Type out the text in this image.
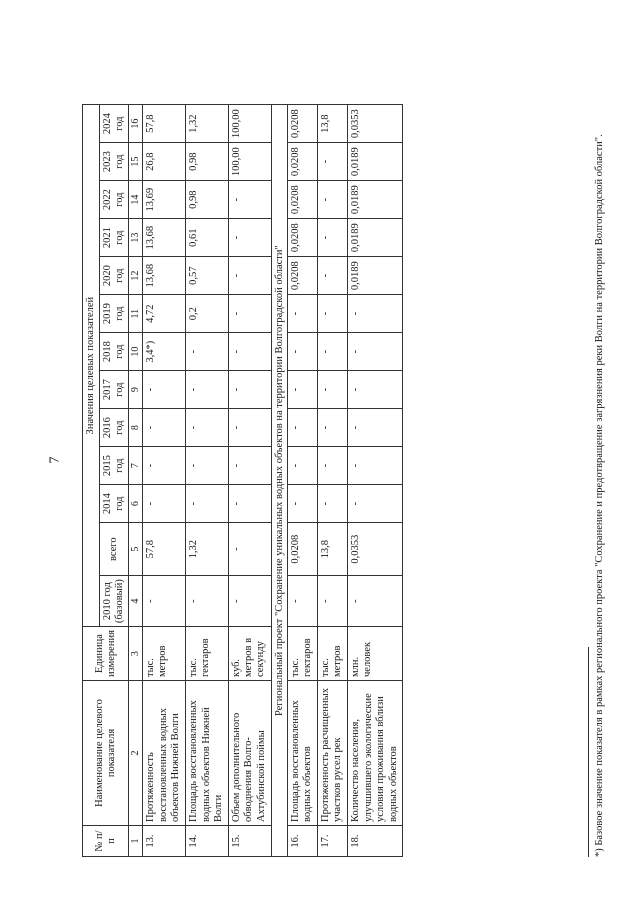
7
№ п/п	Наименование целевого показателя	Единица измерения	Значения целевых показателей												
			2010 год (базовый)	всего	2014 год	2015 год	2016 год	2017 год	2018 год	2019 год	2020 год	2021 год	2022 год	2023 год	2024 год
1	2	3	4	5	6	7	8	9	10	11	12	13	14	15	16
13.	Протяженность восстановленных водных объектов Нижней Волги	тыс. метров	-	57,8	-	-	-	-	3,4*)	4,72	13,68	13,68	13,69	26,8	57,8
14.	Площадь восстановленных водных объектов Нижней Волги	тыс. гектаров	-	1,32	-	-	-	-	-	0,2	0,57	0,61	0,98	0,98	1,32
15.	Объем дополнительного обводнения Волго-Ахтубинской поймы	куб. метров в секунду	-	-	-	-	-	-	-	-	-	-	-	100,00	100,00
Региональный проект "Сохранение уникальных водных объектов на территории Волгоградской области"															
16.	Площадь восстановленных водных объектов	тыс. гектаров	-	0,0208	-	-	-	-	-	-	0,0208	0,0208	0,0208	0,0208	0,0208
17.	Протяженность расчищенных участков русел рек	тыс. метров	-	13,8	-	-	-	-	-	-	-	-	-	-	13,8
18.	Количество населения, улучшившего экологические условия проживания вблизи водных объектов	млн. человек	-	0,0353	-	-	-	-	-	-	0,0189	0,0189	0,0189	0,0189	0,0353
*) Базовое значение показателя в рамках регионального проекта "Сохранение и предотвращение загрязнения реки Волги на территории Волгоградской области".
